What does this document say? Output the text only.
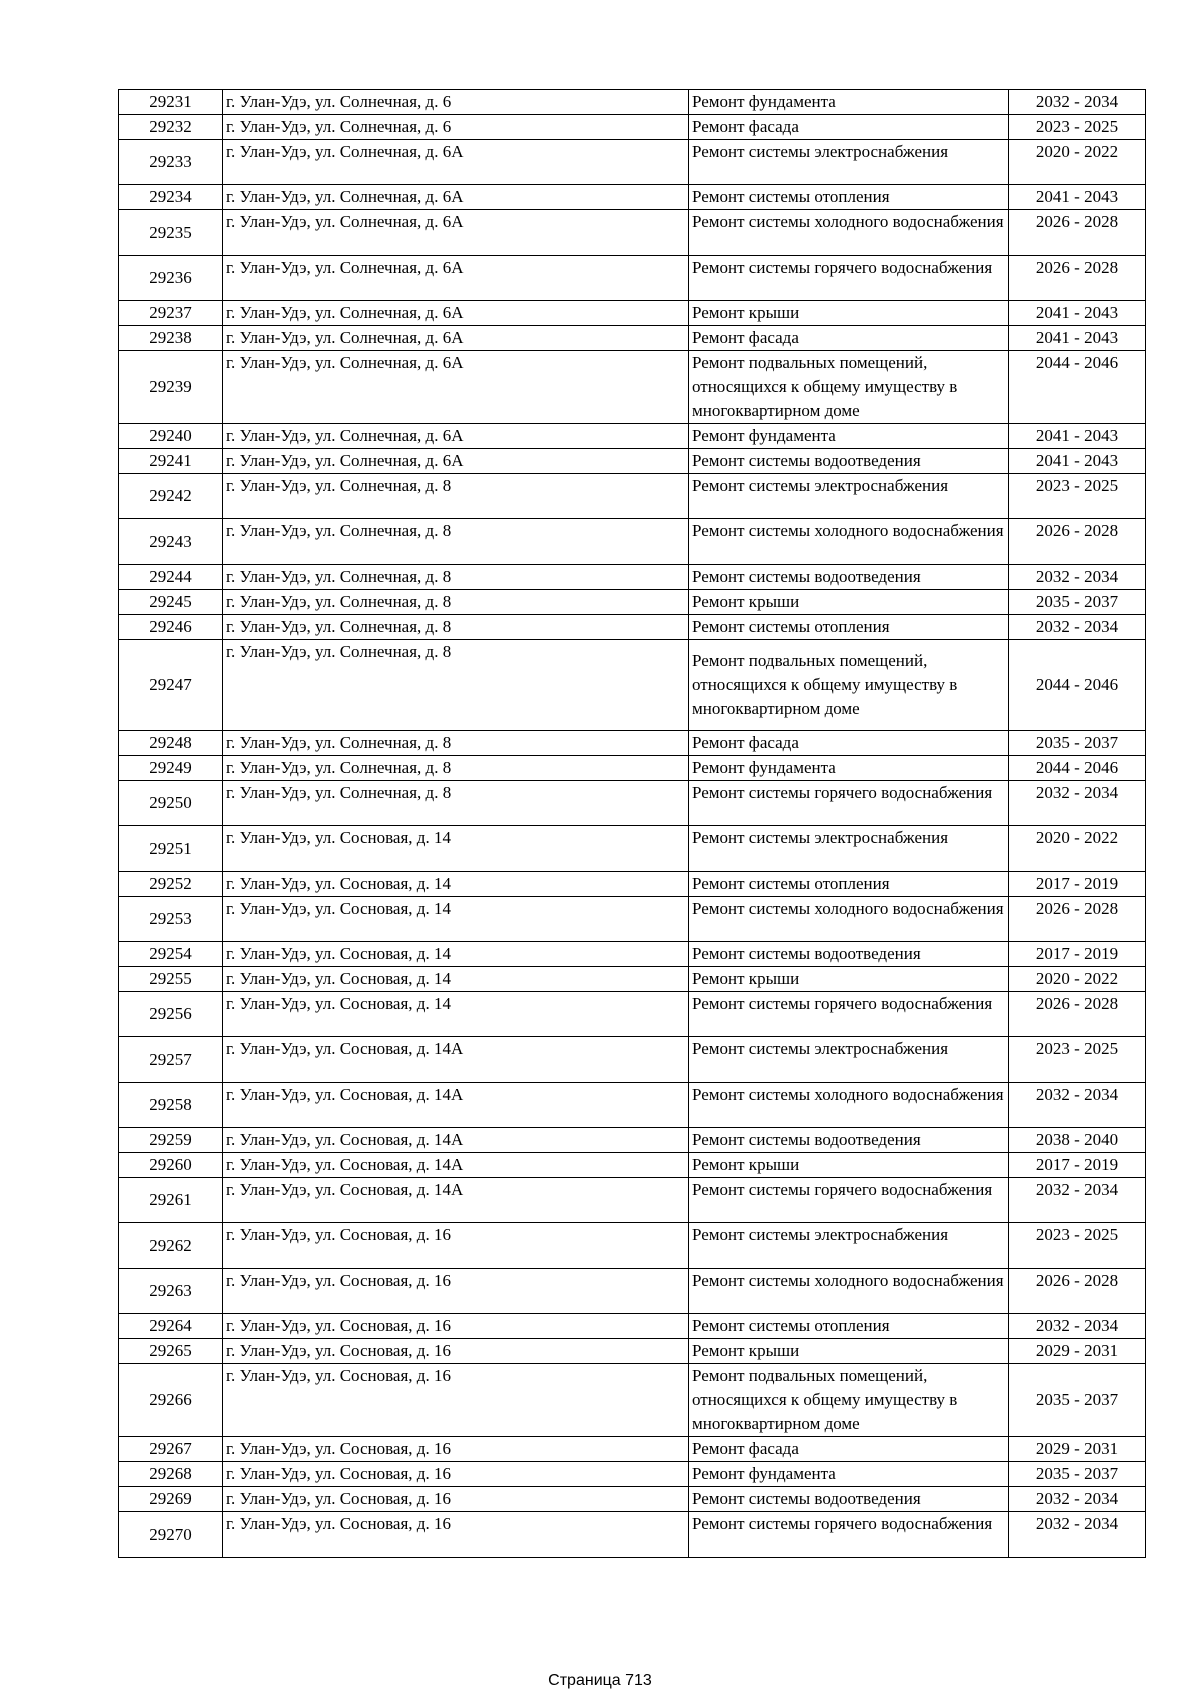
29231	г. Улан-Удэ, ул. Солнечная, д. 6	Ремонт фундамента	2032 - 2034
29232	г. Улан-Удэ, ул. Солнечная, д. 6	Ремонт фасада	2023 - 2025
29233	г. Улан-Удэ, ул. Солнечная, д. 6А	Ремонт системы электроснабжения	2020 - 2022
29234	г. Улан-Удэ, ул. Солнечная, д. 6А	Ремонт системы отопления	2041 - 2043
29235	г. Улан-Удэ, ул. Солнечная, д. 6А	Ремонт системы холодного водоснабжения	2026 - 2028
29236	г. Улан-Удэ, ул. Солнечная, д. 6А	Ремонт системы горячего водоснабжения	2026 - 2028
29237	г. Улан-Удэ, ул. Солнечная, д. 6А	Ремонт крыши	2041 - 2043
29238	г. Улан-Удэ, ул. Солнечная, д. 6А	Ремонт фасада	2041 - 2043
29239	г. Улан-Удэ, ул. Солнечная, д. 6А	Ремонт подвальных помещений, относящихся к общему имуществу в многоквартирном доме	2044 - 2046
29240	г. Улан-Удэ, ул. Солнечная, д. 6А	Ремонт фундамента	2041 - 2043
29241	г. Улан-Удэ, ул. Солнечная, д. 6А	Ремонт системы водоотведения	2041 - 2043
29242	г. Улан-Удэ, ул. Солнечная, д. 8	Ремонт системы электроснабжения	2023 - 2025
29243	г. Улан-Удэ, ул. Солнечная, д. 8	Ремонт системы холодного водоснабжения	2026 - 2028
29244	г. Улан-Удэ, ул. Солнечная, д. 8	Ремонт системы водоотведения	2032 - 2034
29245	г. Улан-Удэ, ул. Солнечная, д. 8	Ремонт крыши	2035 - 2037
29246	г. Улан-Удэ, ул. Солнечная, д. 8	Ремонт системы отопления	2032 - 2034
29247	г. Улан-Удэ, ул. Солнечная, д. 8	Ремонт подвальных помещений, относящихся к общему имуществу в многоквартирном доме	2044 - 2046
29248	г. Улан-Удэ, ул. Солнечная, д. 8	Ремонт фасада	2035 - 2037
29249	г. Улан-Удэ, ул. Солнечная, д. 8	Ремонт фундамента	2044 - 2046
29250	г. Улан-Удэ, ул. Солнечная, д. 8	Ремонт системы горячего водоснабжения	2032 - 2034
29251	г. Улан-Удэ, ул. Сосновая, д. 14	Ремонт системы электроснабжения	2020 - 2022
29252	г. Улан-Удэ, ул. Сосновая, д. 14	Ремонт системы отопления	2017 - 2019
29253	г. Улан-Удэ, ул. Сосновая, д. 14	Ремонт системы холодного водоснабжения	2026 - 2028
29254	г. Улан-Удэ, ул. Сосновая, д. 14	Ремонт системы водоотведения	2017 - 2019
29255	г. Улан-Удэ, ул. Сосновая, д. 14	Ремонт крыши	2020 - 2022
29256	г. Улан-Удэ, ул. Сосновая, д. 14	Ремонт системы горячего водоснабжения	2026 - 2028
29257	г. Улан-Удэ, ул. Сосновая, д. 14А	Ремонт системы электроснабжения	2023 - 2025
29258	г. Улан-Удэ, ул. Сосновая, д. 14А	Ремонт системы холодного водоснабжения	2032 - 2034
29259	г. Улан-Удэ, ул. Сосновая, д. 14А	Ремонт системы водоотведения	2038 - 2040
29260	г. Улан-Удэ, ул. Сосновая, д. 14А	Ремонт крыши	2017 - 2019
29261	г. Улан-Удэ, ул. Сосновая, д. 14А	Ремонт системы горячего водоснабжения	2032 - 2034
29262	г. Улан-Удэ, ул. Сосновая, д. 16	Ремонт системы электроснабжения	2023 - 2025
29263	г. Улан-Удэ, ул. Сосновая, д. 16	Ремонт системы холодного водоснабжения	2026 - 2028
29264	г. Улан-Удэ, ул. Сосновая, д. 16	Ремонт системы отопления	2032 - 2034
29265	г. Улан-Удэ, ул. Сосновая, д. 16	Ремонт крыши	2029 - 2031
29266	г. Улан-Удэ, ул. Сосновая, д. 16	Ремонт подвальных помещений, относящихся к общему имуществу в многоквартирном доме	2035 - 2037
29267	г. Улан-Удэ, ул. Сосновая, д. 16	Ремонт фасада	2029 - 2031
29268	г. Улан-Удэ, ул. Сосновая, д. 16	Ремонт фундамента	2035 - 2037
29269	г. Улан-Удэ, ул. Сосновая, д. 16	Ремонт системы водоотведения	2032 - 2034
29270	г. Улан-Удэ, ул. Сосновая, д. 16	Ремонт системы горячего водоснабжения	2032 - 2034
Страница 713
